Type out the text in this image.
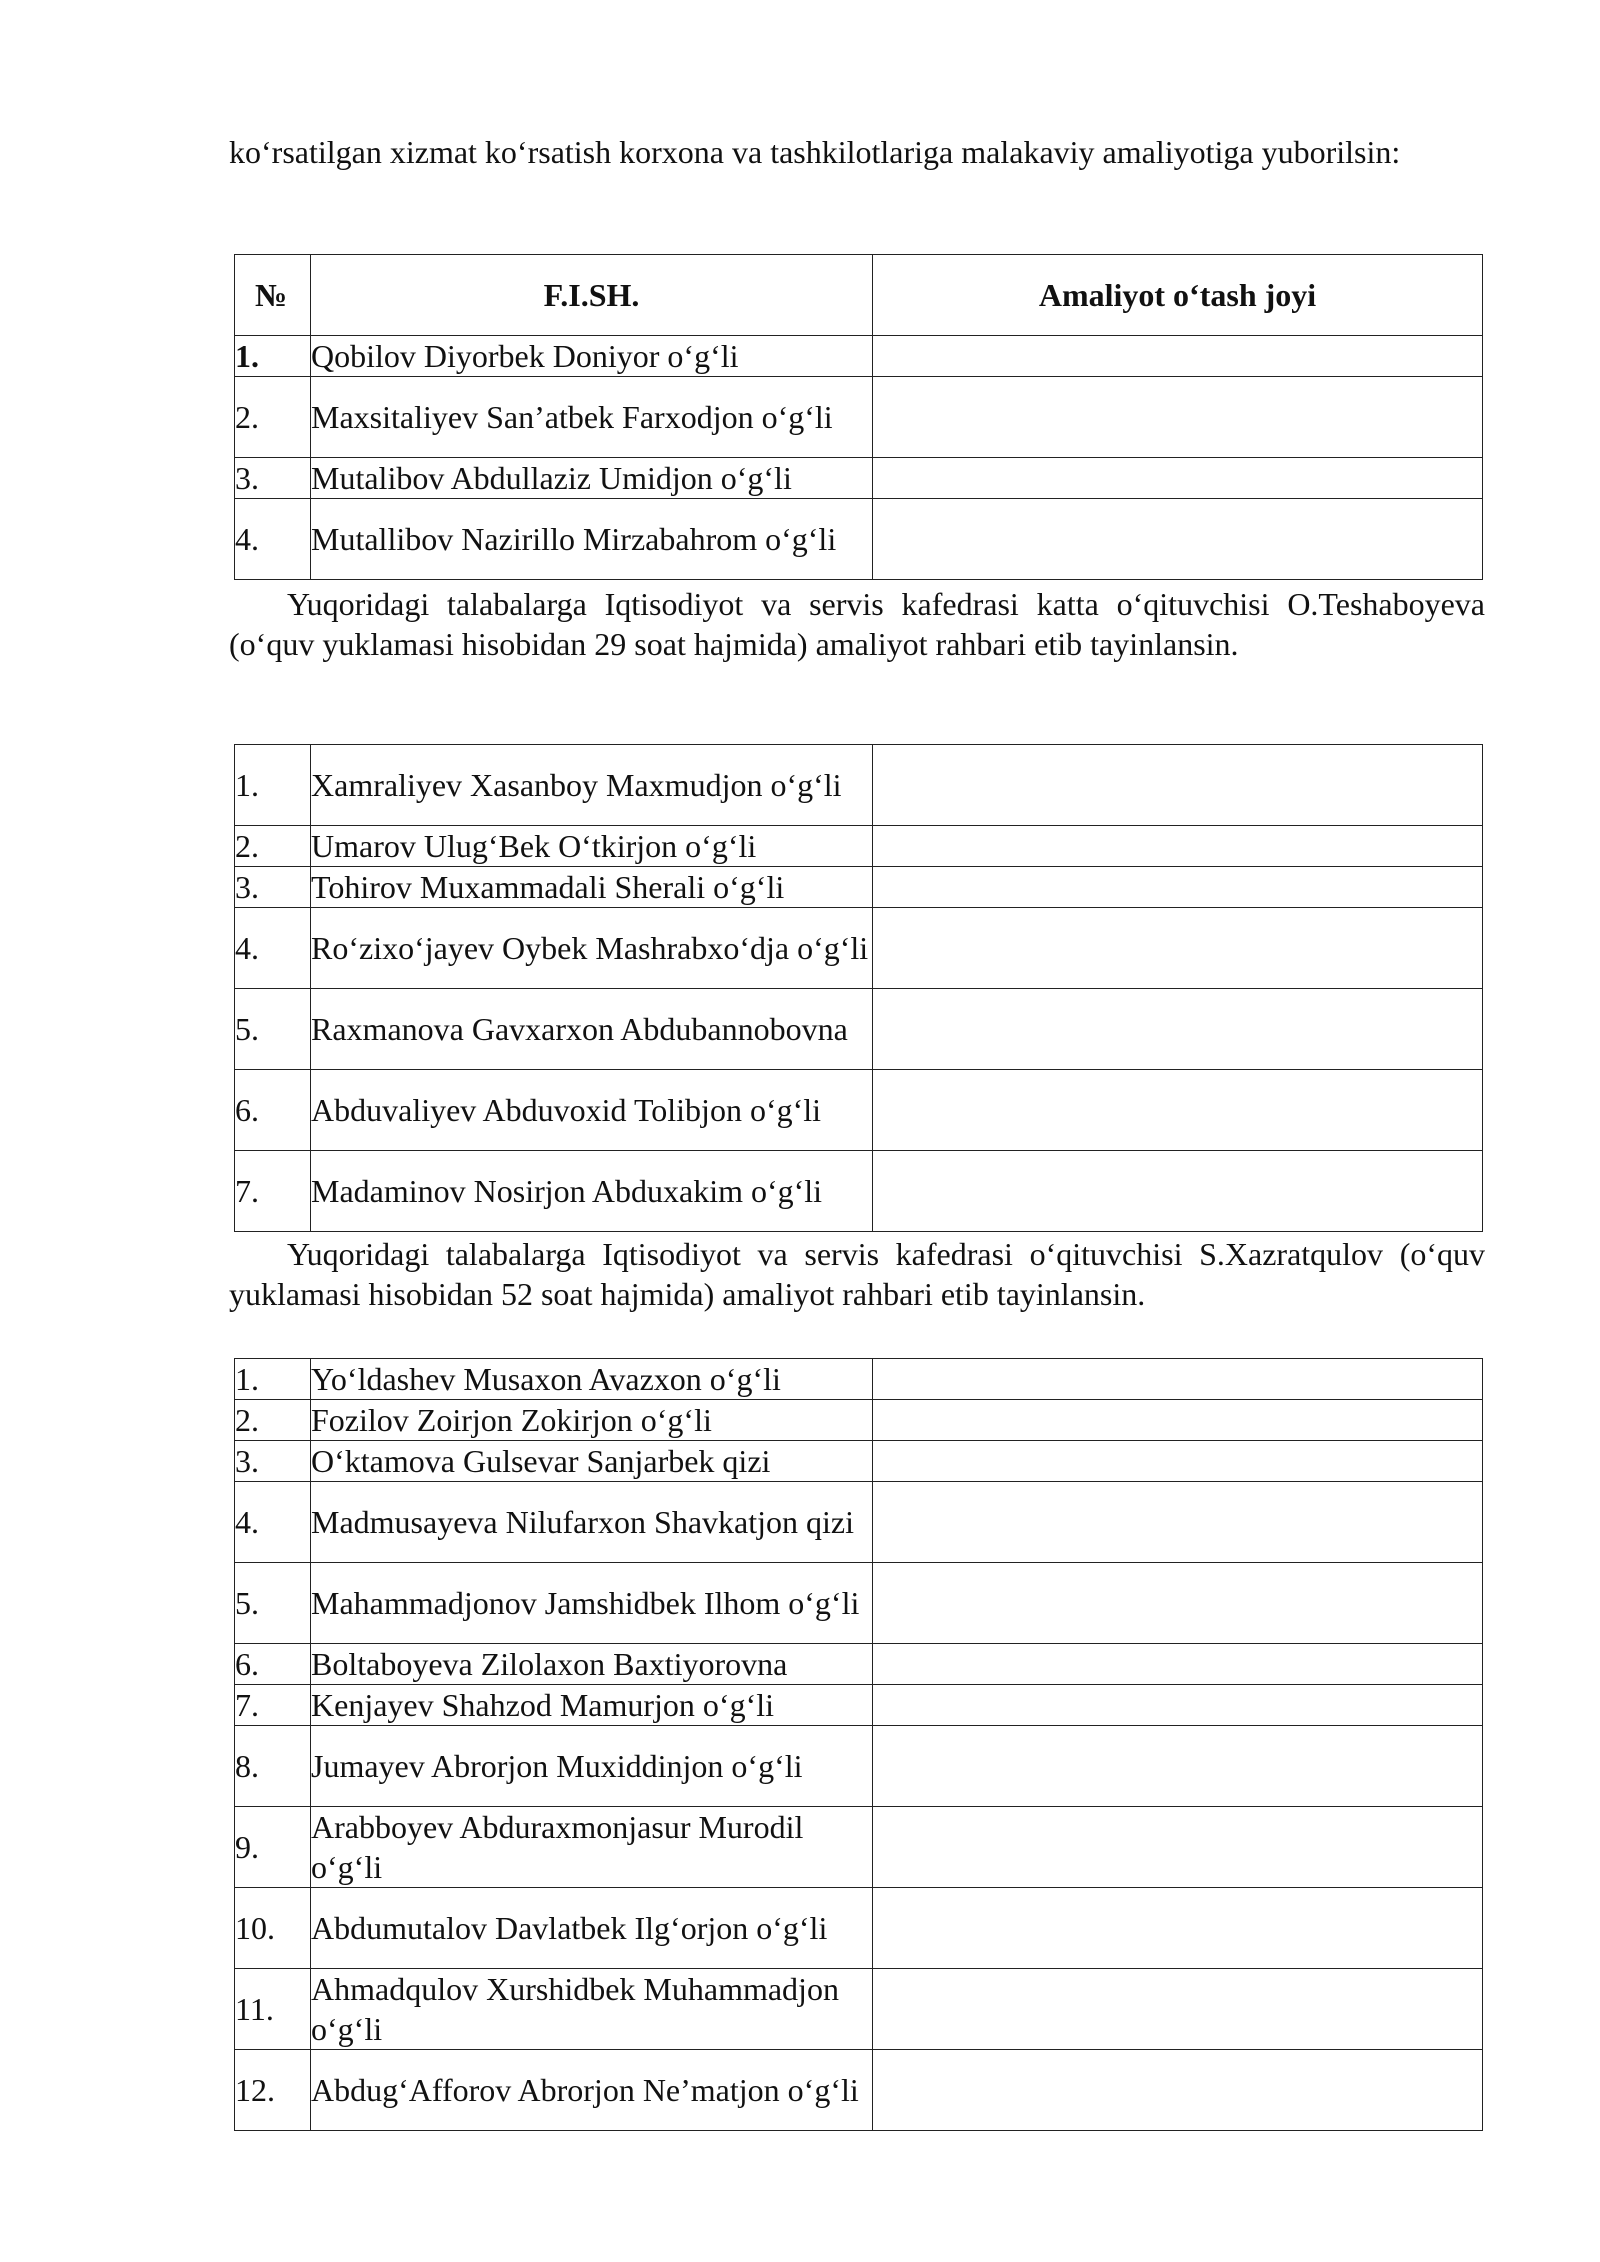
ko‘rsatilgan xizmat ko‘rsatish korxona va tashkilotlariga malakaviy amaliyotiga yuborilsin:

№	F.I.SH.	Amaliyot o‘tash joyi
1.	Qobilov Diyorbek Doniyor o‘g‘li	
2.	Maxsitaliyev San’atbek Farxodjon o‘g‘li	
3.	Mutalibov Abdullaziz Umidjon o‘g‘li	
4.	Mutallibov Nazirillo Mirzabahrom o‘g‘li	

Yuqoridagi talabalarga Iqtisodiyot va servis kafedrasi katta o‘qituvchisi O.Teshaboyeva (o‘quv yuklamasi hisobidan 29 soat hajmida) amaliyot rahbari etib tayinlansin.

1.	Xamraliyev Xasanboy Maxmudjon o‘g‘li	
2.	Umarov Ulug‘Bek O‘tkirjon o‘g‘li	
3.	Tohirov Muxammadali Sherali o‘g‘li	
4.	Ro‘zixo‘jayev Oybek Mashrabxo‘dja o‘g‘li	
5.	Raxmanova Gavxarxon Abdubannobovna	
6.	Abduvaliyev Abduvoxid Tolibjon o‘g‘li	
7.	Madaminov Nosirjon Abduxakim o‘g‘li	

Yuqoridagi talabalarga Iqtisodiyot va servis kafedrasi o‘qituvchisi S.Xazratqulov (o‘quv yuklamasi hisobidan 52 soat hajmida) amaliyot rahbari etib tayinlansin.

1.	Yo‘ldashev Musaxon Avazxon o‘g‘li	
2.	Fozilov Zoirjon Zokirjon o‘g‘li	
3.	O‘ktamova Gulsevar Sanjarbek qizi	
4.	Madmusayeva Nilufarxon Shavkatjon qizi	
5.	Mahammadjonov Jamshidbek Ilhom o‘g‘li	
6.	Boltaboyeva Zilolaxon Baxtiyorovna	
7.	Kenjayev Shahzod Mamurjon o‘g‘li	
8.	Jumayev Abrorjon Muxiddinjon o‘g‘li	
9.	Arabboyev Abduraxmonjasur Murodil o‘g‘li	
10.	Abdumutalov Davlatbek Ilg‘orjon o‘g‘li	
11.	Ahmadqulov Xurshidbek Muhammadjon o‘g‘li	
12.	Abdug‘Afforov Abrorjon Ne’matjon o‘g‘li	
